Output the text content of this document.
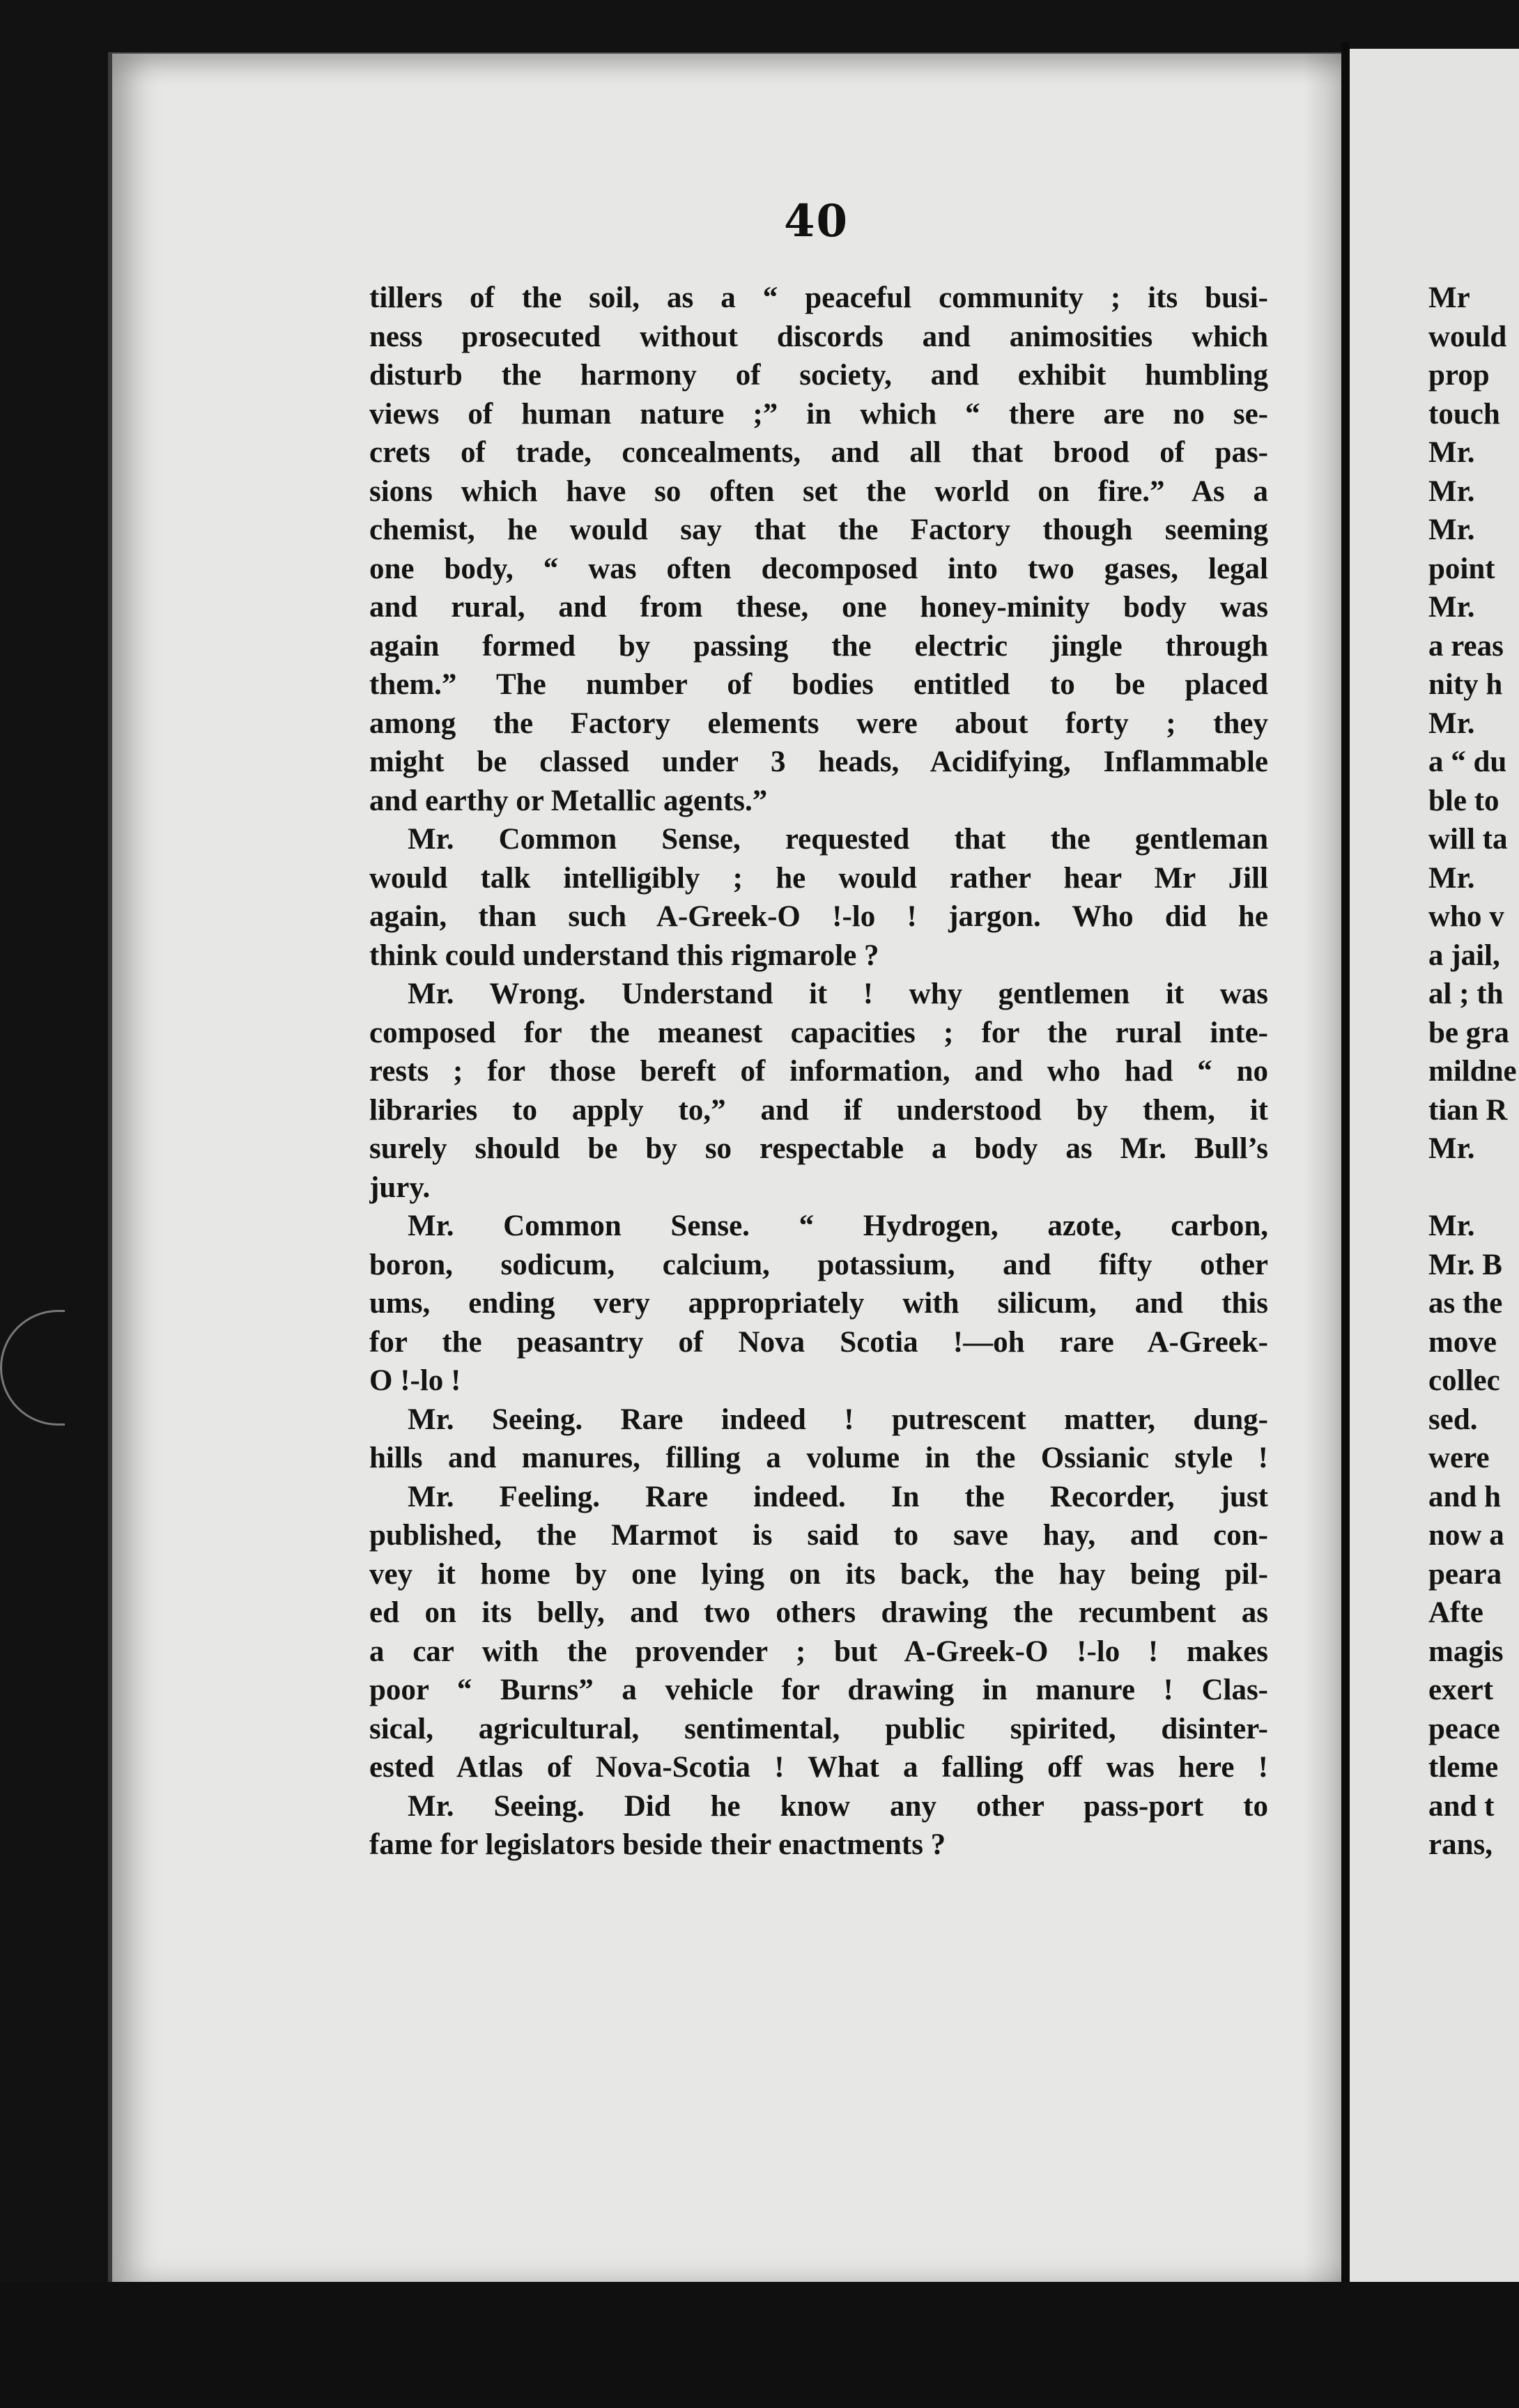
40
tillers of the soil, as a “ peaceful community ; its busi-
ness prosecuted without discords and animosities which
disturb the harmony of society, and exhibit humbling
views of human nature ;” in which “ there are no se-
crets of trade, concealments, and all that brood of pas-
sions which have so often set the world on fire.” As a
chemist, he would say that the Factory though seeming
one body, “ was often decomposed into two gases, legal
and rural, and from these, one honey-minity body was
again formed by passing the electric jingle through
them.” The number of bodies entitled to be placed
among the Factory elements were about forty ; they
might be classed under 3 heads, Acidifying, Inflammable
and earthy or Metallic agents.”
Mr. Common Sense, requested that the gentleman
would talk intelligibly ; he would rather hear Mr Jill
again, than such A-Greek-O !-lo ! jargon. Who did he
think could understand this rigmarole ?
Mr. Wrong. Understand it ! why gentlemen it was
composed for the meanest capacities ; for the rural inte-
rests ; for those bereft of information, and who had “ no
libraries to apply to,” and if understood by them, it
surely should be by so respectable a body as Mr. Bull’s
jury.
Mr. Common Sense. “ Hydrogen, azote, carbon,
boron, sodicum, calcium, potassium, and fifty other
ums, ending very appropriately with silicum, and this
for the peasantry of Nova Scotia !—oh rare A-Greek-
O !-lo !
Mr. Seeing. Rare indeed ! putrescent matter, dung-
hills and manures, filling a volume in the Ossianic style !
Mr. Feeling. Rare indeed. In the Recorder, just
published, the Marmot is said to save hay, and con-
vey it home by one lying on its back, the hay being pil-
ed on its belly, and two others drawing the recumbent as
a car with the provender ; but A-Greek-O !-lo ! makes
poor “ Burns” a vehicle for drawing in manure ! Clas-
sical, agricultural, sentimental, public spirited, disinter-
ested Atlas of Nova-Scotia ! What a falling off was here !
Mr. Seeing. Did he know any other pass-port to
fame for legislators beside their enactments ?
Mr
would
prop
touch
Mr.
Mr.
Mr.
point
Mr.
a reas
nity h
Mr.
a “ du
ble to
will ta
Mr.
who v
a jail,
al ; th
be gra
mildne
tian R
Mr.
Mr.
Mr. B
as the
move
collec
sed.
were
and h
now a
peara
Afte
magis
exert
peace
tleme
and t
rans,
